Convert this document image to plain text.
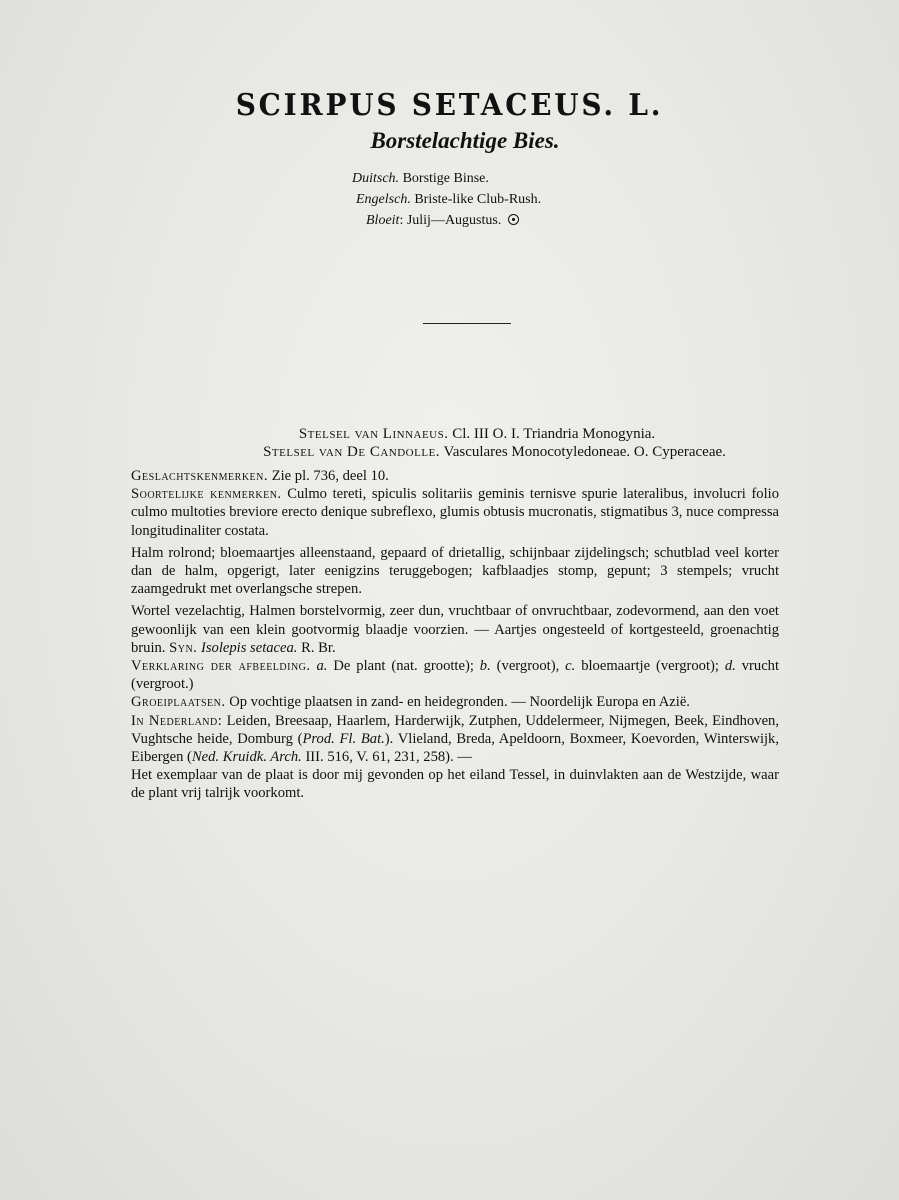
SCIRPUS SETACEUS. L.
Borstelachtige Bies.
Duitsch. Borstige Binse.
Engelsch. Briste-like Club-Rush.
Bloeit: Julij—Augustus.
Stelsel van Linnaeus. Cl. III O. I. Triandria Monogynia.
Stelsel van De Candolle. Vasculares Monocotyledoneae. O. Cyperaceae.

Geslachtskenmerken. Zie pl. 736, deel 10.

Soortelijke kenmerken. Culmo tereti, spiculis solitariis geminis ternisve spurie lateralibus, involucri folio culmo multoties breviore erecto denique subreflexo, glumis obtusis mucronatis, stigmatibus 3, nuce compressa longitudinaliter costata.

Halm rolrond; bloemaartjes alleenstaand, gepaard of drietallig, schijnbaar zijdelingsch; schutblad veel korter dan de halm, opgerigt, later eenigzins teruggebogen; kafblaadjes stomp, gepunt; 3 stempels; vrucht zaamgedrukt met overlangsche strepen.

Wortel vezelachtig, Halmen borstelvormig, zeer dun, vruchtbaar of onvruchtbaar, zodevormend, aan den voet gewoonlijk van een klein gootvormig blaadje voorzien. — Aartjes ongesteeld of kortgesteeld, groenachtig bruin. Syn. Isolepis setacea. R. Br.

Verklaring der afbeelding. a. De plant (nat. grootte); b. (vergroot), c. bloemaartje (vergroot); d. vrucht (vergroot.)

Groeiplaatsen. Op vochtige plaatsen in zand- en heidegronden. — Noordelijk Europa en Azië.

In Nederland: Leiden, Breesaap, Haarlem, Harderwijk, Zutphen, Uddelermeer, Nijmegen, Beek, Eindhoven, Vughtsche heide, Domburg (Prod. Fl. Bat.). Vlieland, Breda, Apeldoorn, Boxmeer, Koevorden, Winterswijk, Eibergen (Ned. Kruidk. Arch. III. 516, V. 61, 231, 258). —

Het exemplaar van de plaat is door mij gevonden op het eiland Tessel, in duinvlakten aan de Westzijde, waar de plant vrij talrijk voorkomt.
